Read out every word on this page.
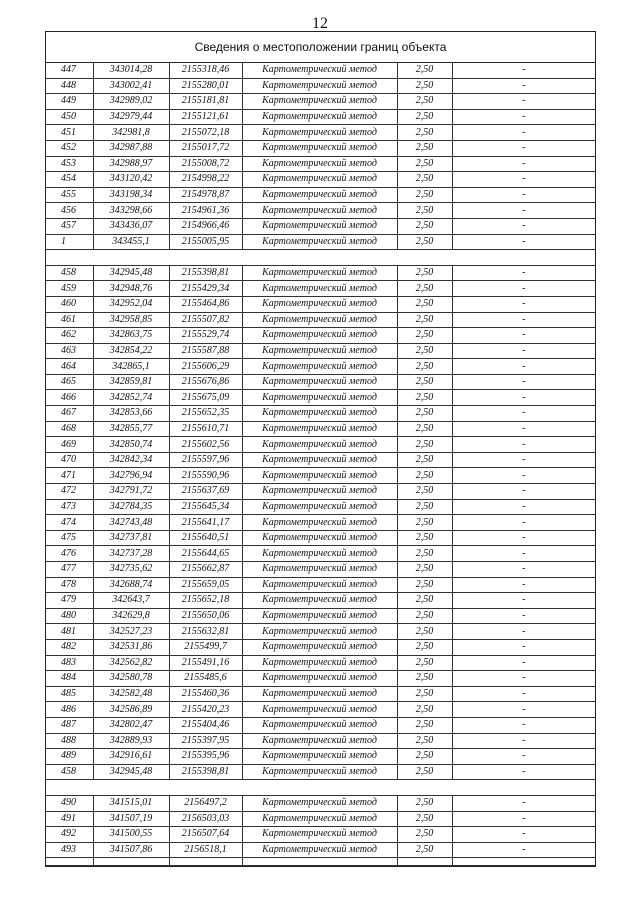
12
Сведения о местоположении границ объекта
447	343014,28	2155318,46	Картометрический метод	2,50	-
448	343002,41	2155280,01	Картометрический метод	2,50	-
449	342989,02	2155181,81	Картометрический метод	2,50	-
450	342979,44	2155121,61	Картометрический метод	2,50	-
451	342981,8	2155072,18	Картометрический метод	2,50	-
452	342987,88	2155017,72	Картометрический метод	2,50	-
453	342988,97	2155008,72	Картометрический метод	2,50	-
454	343120,42	2154998,22	Картометрический метод	2,50	-
455	343198,34	2154978,87	Картометрический метод	2,50	-
456	343298,66	2154961,36	Картометрический метод	2,50	-
457	343436,07	2154966,46	Картометрический метод	2,50	-
1	343455,1	2155005,95	Картометрический метод	2,50	-

458	342945,48	2155398,81	Картометрический метод	2,50	-
459	342948,76	2155429,34	Картометрический метод	2,50	-
460	342952,04	2155464,86	Картометрический метод	2,50	-
461	342958,85	2155507,82	Картометрический метод	2,50	-
462	342863,75	2155529,74	Картометрический метод	2,50	-
463	342854,22	2155587,88	Картометрический метод	2,50	-
464	342865,1	2155606,29	Картометрический метод	2,50	-
465	342859,81	2155676,86	Картометрический метод	2,50	-
466	342852,74	2155675,09	Картометрический метод	2,50	-
467	342853,66	2155652,35	Картометрический метод	2,50	-
468	342855,77	2155610,71	Картометрический метод	2,50	-
469	342850,74	2155602,56	Картометрический метод	2,50	-
470	342842,34	2155597,96	Картометрический метод	2,50	-
471	342796,94	2155590,96	Картометрический метод	2,50	-
472	342791,72	2155637,69	Картометрический метод	2,50	-
473	342784,35	2155645,34	Картометрический метод	2,50	-
474	342743,48	2155641,17	Картометрический метод	2,50	-
475	342737,81	2155640,51	Картометрический метод	2,50	-
476	342737,28	2155644,65	Картометрический метод	2,50	-
477	342735,62	2155662,87	Картометрический метод	2,50	-
478	342688,74	2155659,05	Картометрический метод	2,50	-
479	342643,7	2155652,18	Картометрический метод	2,50	-
480	342629,8	2155650,06	Картометрический метод	2,50	-
481	342527,23	2155632,81	Картометрический метод	2,50	-
482	342531,86	2155499,7	Картометрический метод	2,50	-
483	342562,82	2155491,16	Картометрический метод	2,50	-
484	342580,78	2155485,6	Картометрический метод	2,50	-
485	342582,48	2155460,36	Картометрический метод	2,50	-
486	342586,89	2155420,23	Картометрический метод	2,50	-
487	342802,47	2155404,46	Картометрический метод	2,50	-
488	342889,93	2155397,95	Картометрический метод	2,50	-
489	342916,61	2155395,96	Картометрический метод	2,50	-
458	342945,48	2155398,81	Картометрический метод	2,50	-

490	341515,01	2156497,2	Картометрический метод	2,50	-
491	341507,19	2156503,03	Картометрический метод	2,50	-
492	341500,55	2156507,64	Картометрический метод	2,50	-
493	341507,86	2156518,1	Картометрический метод	2,50	-
